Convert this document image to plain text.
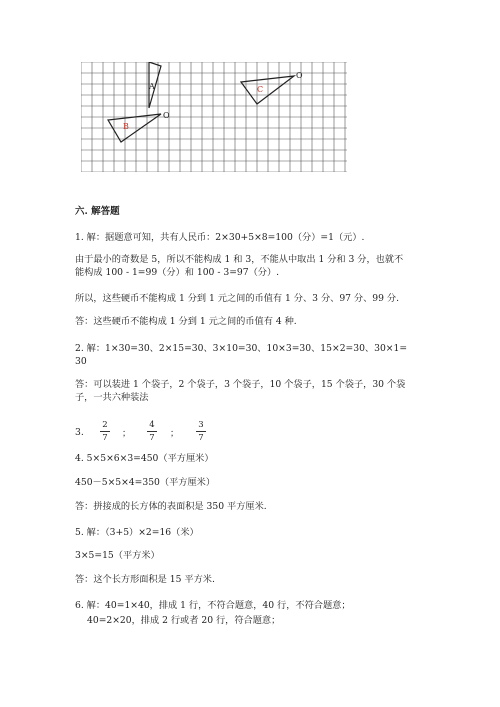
A
B
C
O
O
六. 解答题
1. 解：据题意可知，共有人民币：2×30+5×8=100（分）=1（元）.
由于最小的奇数是 5，所以不能构成 1 和 3，不能从中取出 1 分和 3 分，也就不
能构成 100 - 1=99（分）和 100 - 3=97（分）.
所以，这些硬币不能构成 1 分到 1 元之间的币值有 1 分、3 分、97 分、99 分.
答：这些硬币不能构成 1 分到 1 元之间的币值有 4 种.
2. 解：1×30=30、2×15=30、3×10=30、10×3=30、15×2=30、30×1=
30
答：可以装进 1 个袋子，2 个袋子，3 个袋子，10 个袋子，15 个袋子，30 个袋
子，一共六种装法
3.
2
7	；
4
7	；
3
7
4. 5×5×6×3=450（平方厘米）
450－5×5×4=350（平方厘米）
答：拼接成的长方体的表面积是 350 平方厘米.
5. 解：（3+5）×2=16（米）
3×5=15（平方米）
答：这个长方形面积是 15 平方米.
6. 解：40=1×40，排成 1 行，不符合题意，40 行，不符合题意；
40=2×20，排成 2 行或者 20 行，符合题意；
